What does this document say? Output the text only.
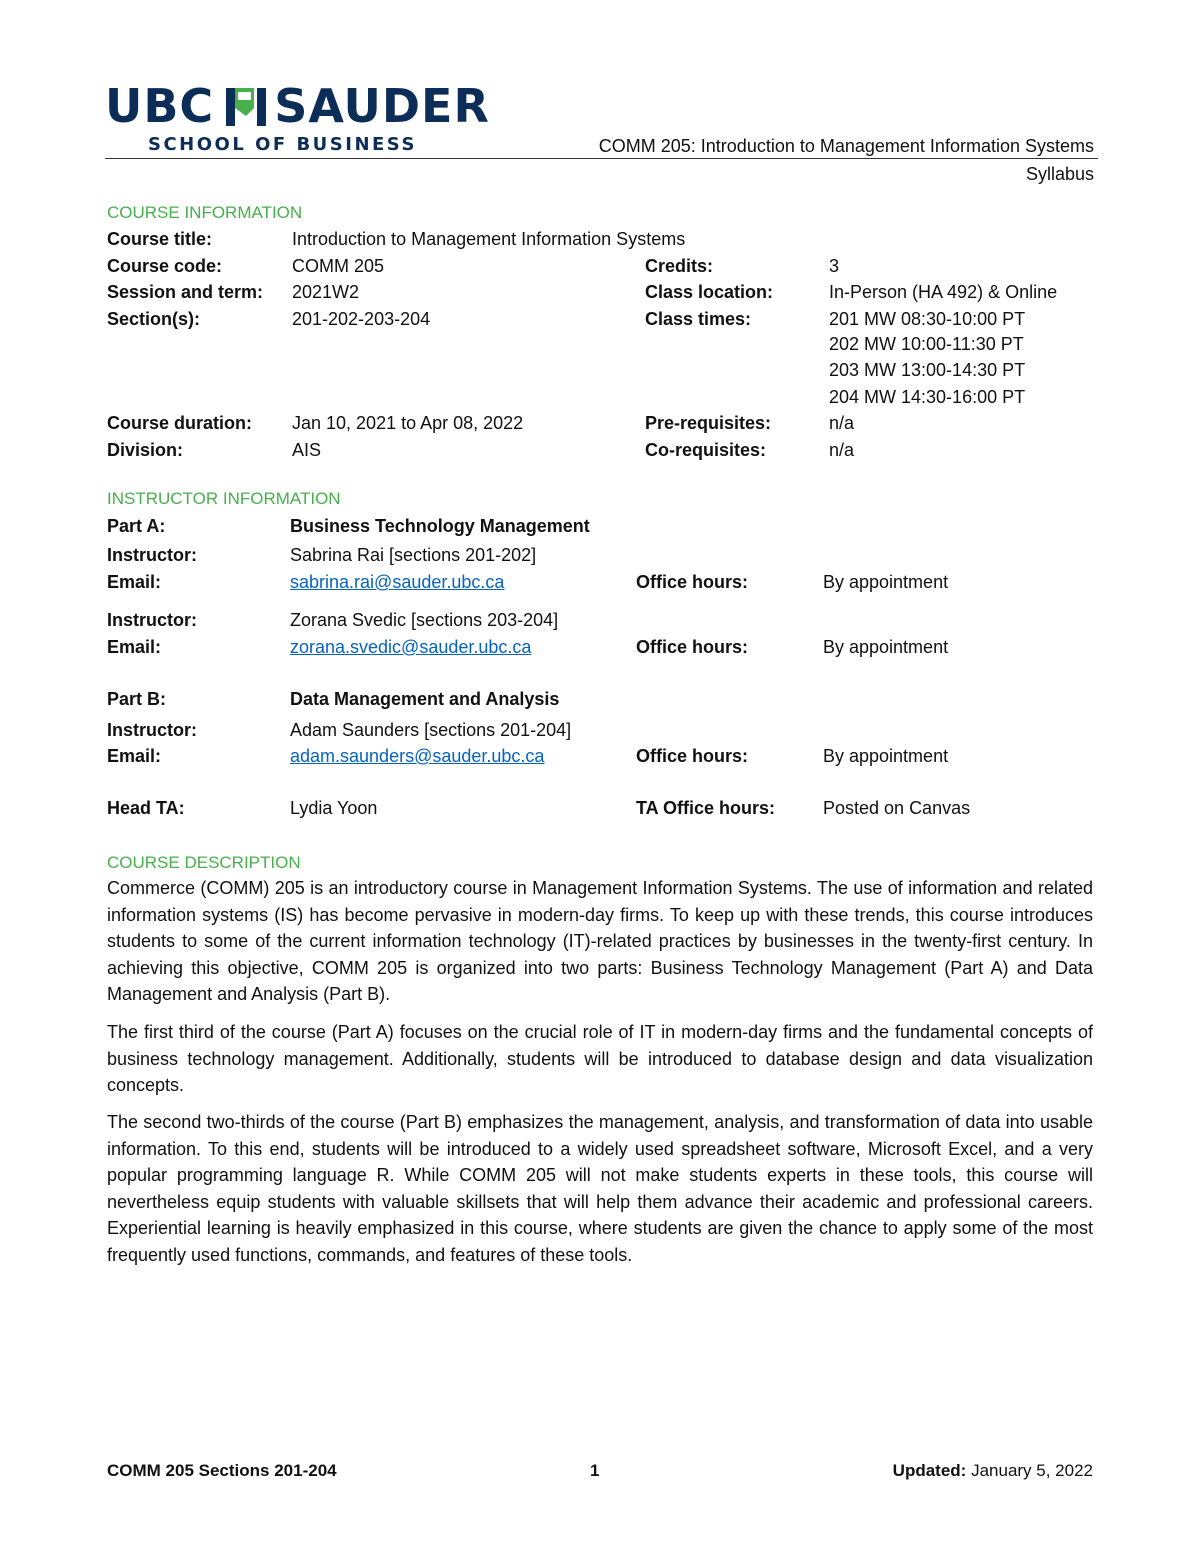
UBC SAUDER
SCHOOL OF BUSINESS	COMM 205: Introduction to Management Information Systems
Syllabus
COURSE INFORMATION
Course title:	Introduction to Management Information Systems
Course code:	COMM 205	Credits:	3
Session and term: 2021W2	Class location:	In-Person (HA 492) & Online
Section(s):	201-202-203-204	Class times:	201 MW 08:30-10:00 PT
202 MW 10:00-11:30 PT
203 MW 13:00-14:30 PT
204 MW 14:30-16:00 PT
Course duration: Jan 10, 2021 to Apr 08, 2022	Pre-requisites:	n/a
Division:	AIS	Co-requisites:	n/a
INSTRUCTOR INFORMATION
Part A:	Business Technology Management
Instructor:	Sabrina Rai [sections 201-202]
Email:	sabrina.rai@sauder.ubc.ca	Office hours:	By appointment
Instructor:	Zorana Svedic [sections 203-204]
Email:	zorana.svedic@sauder.ubc.ca	Office hours:	By appointment
Part B:	Data Management and Analysis
Instructor:	Adam Saunders [sections 201-204]
Email:	adam.saunders@sauder.ubc.ca	Office hours:	By appointment
Head TA:	Lydia Yoon	TA Office hours:	Posted on Canvas
COURSE DESCRIPTION
Commerce (COMM) 205 is an introductory course in Management Information Systems. The use of information and related information systems (IS) has become pervasive in modern-day firms. To keep up with these trends, this course introduces students to some of the current information technology (IT)-related practices by businesses in the twenty-first century. In achieving this objective, COMM 205 is organized into two parts: Business Technology Management (Part A) and Data Management and Analysis (Part B).
The first third of the course (Part A) focuses on the crucial role of IT in modern-day firms and the fundamental concepts of business technology management. Additionally, students will be introduced to database design and data visualization concepts.
The second two-thirds of the course (Part B) emphasizes the management, analysis, and transformation of data into usable information. To this end, students will be introduced to a widely used spreadsheet software, Microsoft Excel, and a very popular programming language R. While COMM 205 will not make students experts in these tools, this course will nevertheless equip students with valuable skillsets that will help them advance their academic and professional careers. Experiential learning is heavily emphasized in this course, where students are given the chance to apply some of the most frequently used functions, commands, and features of these tools.
COMM 205 Sections 201-204	1	Updated: January 5, 2022
